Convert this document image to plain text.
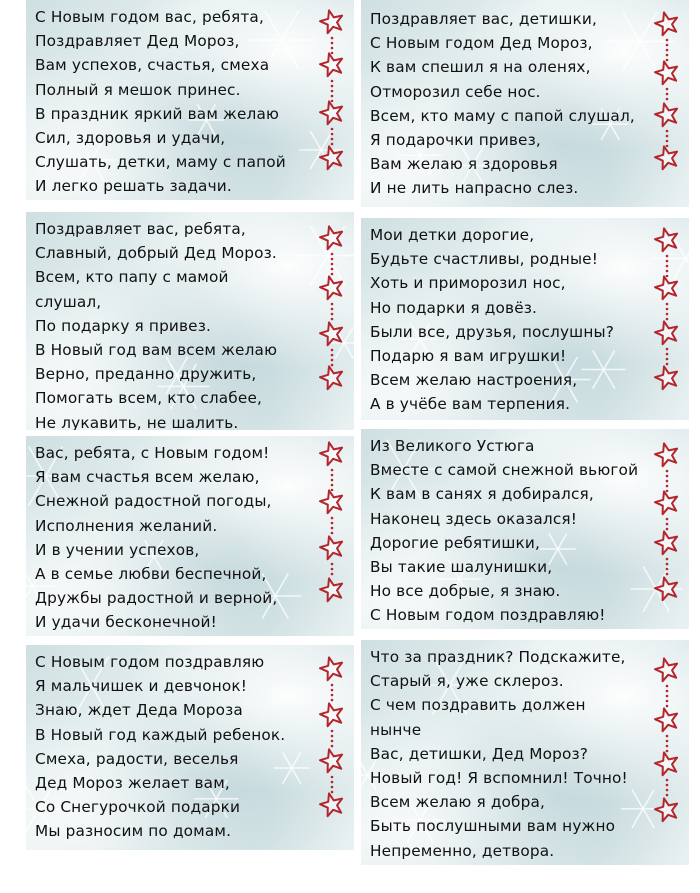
С Новым годом вас, ребята,
Поздравляет Дед Мороз,
Вам успехов, счастья, смеха
Полный я мешок принес.
В праздник яркий вам желаю
Сил, здоровья и удачи,
Слушать, детки, маму с папой
И легко решать задачи.
Поздравляет вас, детишки,
С Новым годом Дед Мороз,
К вам спешил я на оленях,
Отморозил себе нос.
Всем, кто маму с папой слушал,
Я подарочки привез,
Вам желаю я здоровья
И не лить напрасно слез.
Поздравляет вас, ребята,
Славный, добрый Дед Мороз.
Всем, кто папу с мамой
слушал,
По подарку я привез.
В Новый год вам всем желаю
Верно, преданно дружить,
Помогать всем, кто слабее,
Не лукавить, не шалить.
Мои детки дорогие,
Будьте счастливы, родные!
Хоть и приморозил нос,
Но подарки я довёз.
Были все, друзья, послушны?
Подарю я вам игрушки!
Всем желаю настроения,
А в учёбе вам терпения.
Вас, ребята, с Новым годом!
Я вам счастья всем желаю,
Снежной радостной погоды,
Исполнения желаний.
И в учении успехов,
А в семье любви беспечной,
Дружбы радостной и верной,
И удачи бесконечной!
Из Великого Устюга
Вместе с самой снежной вьюгой
К вам в санях я добирался,
Наконец здесь оказался!
Дорогие ребятишки,
Вы такие шалунишки,
Но все добрые, я знаю.
С Новым годом поздравляю!
С Новым годом поздравляю
Я мальчишек и девчонок!
Знаю, ждет Деда Мороза
В Новый год каждый ребенок.
Смеха, радости, веселья
Дед Мороз желает вам,
Со Снегурочкой подарки
Мы разносим по домам.
Что за праздник? Подскажите,
Старый я, уже склероз.
С чем поздравить должен
нынче
Вас, детишки, Дед Мороз?
Новый год! Я вспомнил! Точно!
Всем желаю я добра,
Быть послушными вам нужно
Непременно, детвора.
